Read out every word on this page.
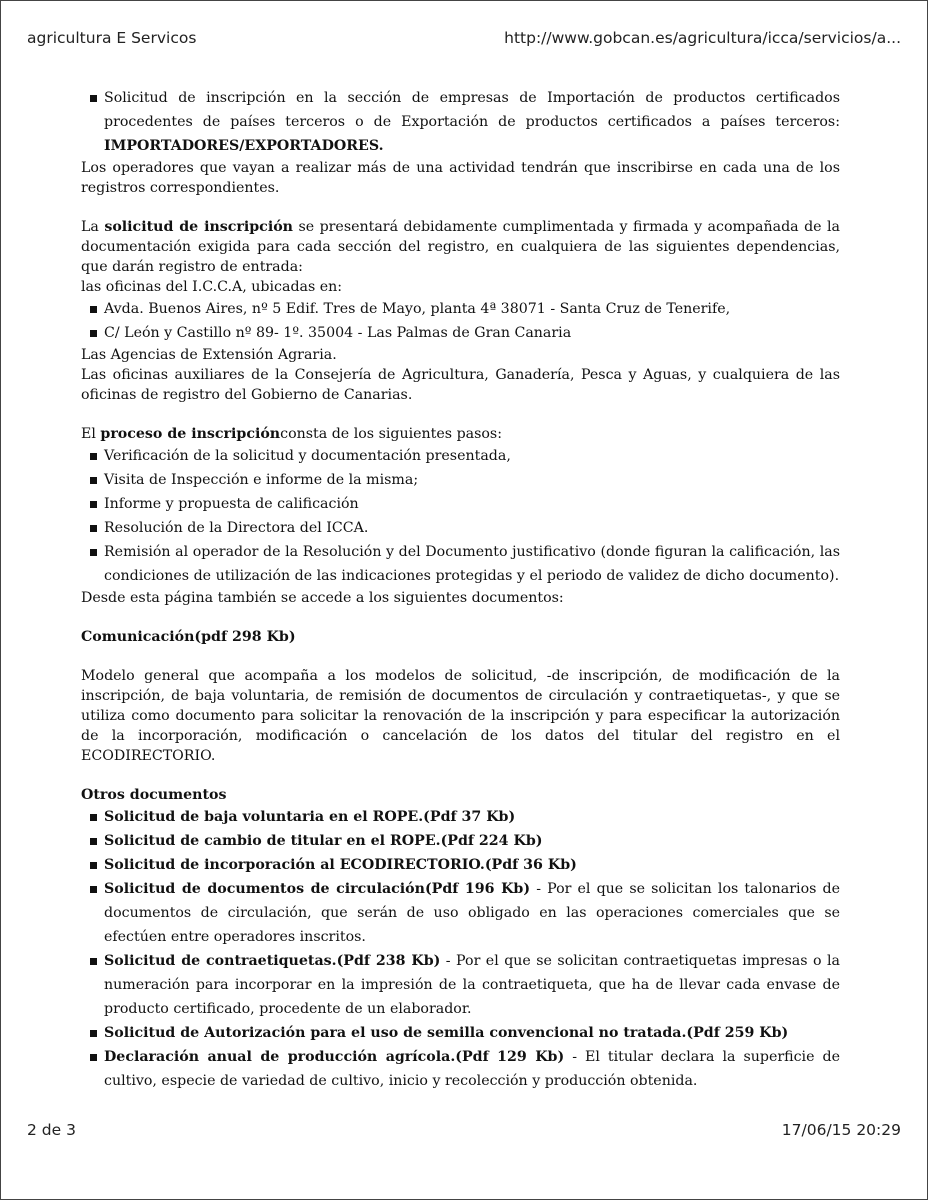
agricultura E Servicos	http://www.gobcan.es/agricultura/icca/servicios/a...
Solicitud de inscripción en la sección de empresas de Importación de productos certificados procedentes de países terceros o de Exportación de productos certificados a países terceros: IMPORTADORES/EXPORTADORES.

Los operadores que vayan a realizar más de una actividad tendrán que inscribirse en cada una de los registros correspondientes.

La solicitud de inscripción se presentará debidamente cumplimentada y firmada y acompañada de la documentación exigida para cada sección del registro, en cualquiera de las siguientes dependencias, que darán registro de entrada:

las oficinas del I.C.C.A, ubicadas en:

Avda. Buenos Aires, nº 5 Edif. Tres de Mayo, planta 4ª 38071 - Santa Cruz de Tenerife,
C/ León y Castillo nº 89- 1º. 35004 - Las Palmas de Gran Canaria

Las Agencias de Extensión Agraria.

Las oficinas auxiliares de la Consejería de Agricultura, Ganadería, Pesca y Aguas, y cualquiera de las oficinas de registro del Gobierno de Canarias.

El proceso de inscripciónconsta de los siguientes pasos:

Verificación de la solicitud y documentación presentada,
Visita de Inspección e informe de la misma;
Informe y propuesta de calificación
Resolución de la Directora del ICCA.
Remisión al operador de la Resolución y del Documento justificativo (donde figuran la calificación, las condiciones de utilización de las indicaciones protegidas y el periodo de validez de dicho documento).

Desde esta página también se accede a los siguientes documentos:

Comunicación(pdf 298 Kb)

Modelo general que acompaña a los modelos de solicitud, -de inscripción, de modificación de la inscripción, de baja voluntaria, de remisión de documentos de circulación y contraetiquetas-, y que se utiliza como documento para solicitar la renovación de la inscripción y para especificar la autorización de la incorporación, modificación o cancelación de los datos del titular del registro en el ECODIRECTORIO.

Otros documentos

Solicitud de baja voluntaria en el ROPE.(Pdf 37 Kb)
Solicitud de cambio de titular en el ROPE.(Pdf 224 Kb)
Solicitud de incorporación al ECODIRECTORIO.(Pdf 36 Kb)
Solicitud de documentos de circulación(Pdf 196 Kb) - Por el que se solicitan los talonarios de documentos de circulación, que serán de uso obligado en las operaciones comerciales que se efectúen entre operadores inscritos.
Solicitud de contraetiquetas.(Pdf 238 Kb) - Por el que se solicitan contraetiquetas impresas o la numeración para incorporar en la impresión de la contraetiqueta, que ha de llevar cada envase de producto certificado, procedente de un elaborador.
Solicitud de Autorización para el uso de semilla convencional no tratada.(Pdf 259 Kb)
Declaración anual de producción agrícola.(Pdf 129 Kb) - El titular declara la superficie de cultivo, especie de variedad de cultivo, inicio y recolección y producción obtenida.
2 de 3	17/06/15 20:29
